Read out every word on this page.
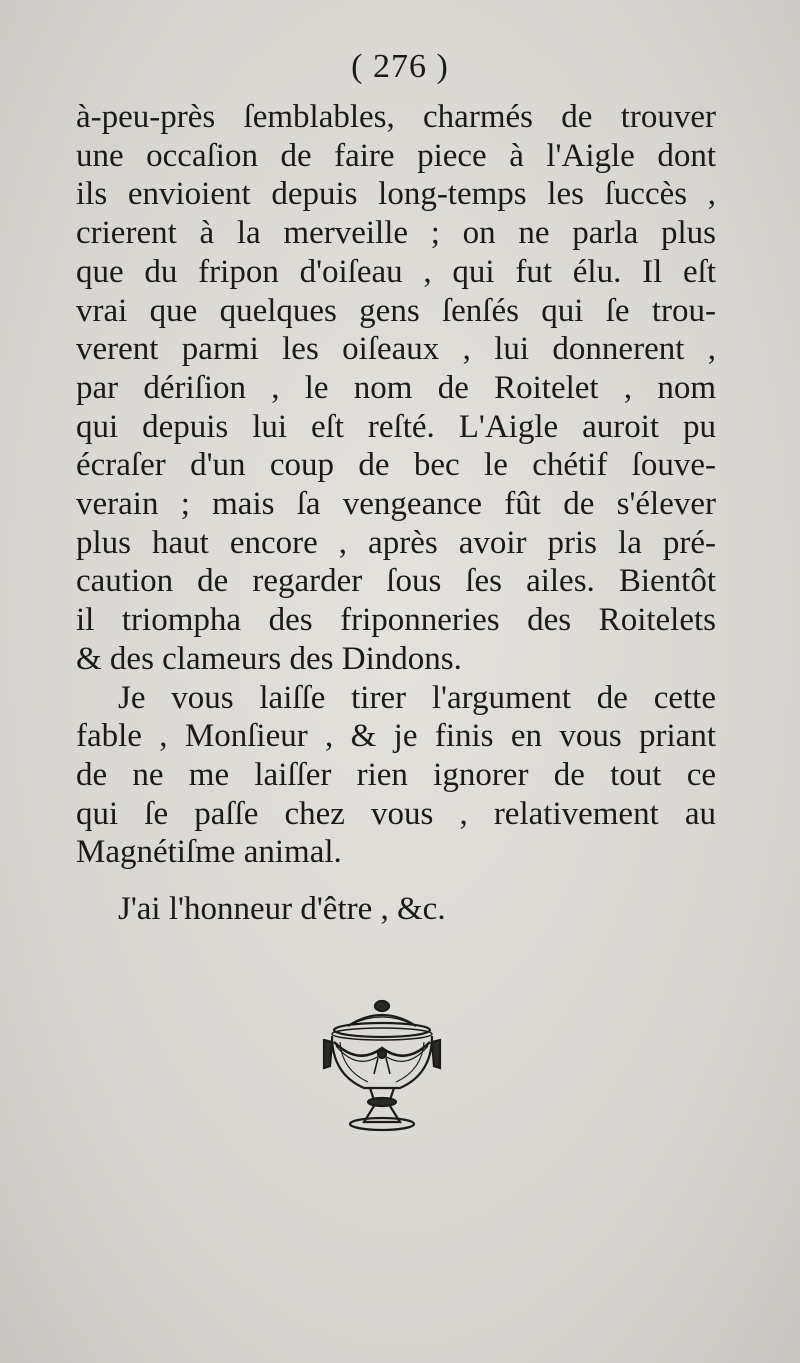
( 276 )
à-peu-près ſemblables, charmés de trouver
une occaſion de faire piece à l'Aigle dont
ils envioient depuis long-temps les ſuccès ,
crierent à la merveille ; on ne parla plus
que du fripon d'oiſeau , qui fut élu. Il eſt
vrai que quelques gens ſenſés qui ſe trou-
verent parmi les oiſeaux , lui donnerent ,
par dériſion , le nom de Roitelet , nom
qui depuis lui eſt reſté. L'Aigle auroit pu
écraſer d'un coup de bec le chétif ſouve-
verain ; mais ſa vengeance fût de s'élever
plus haut encore , après avoir pris la pré-
caution de regarder ſous ſes ailes. Bientôt
il triompha des friponneries des Roitelets
& des clameurs des Dindons.
Je vous laiſſe tirer l'argument de cette
fable , Monſieur , & je finis en vous priant
de ne me laiſſer rien ignorer de tout ce
qui ſe paſſe chez vous , relativement au
Magnétiſme animal.
J'ai l'honneur d'être , &c.
